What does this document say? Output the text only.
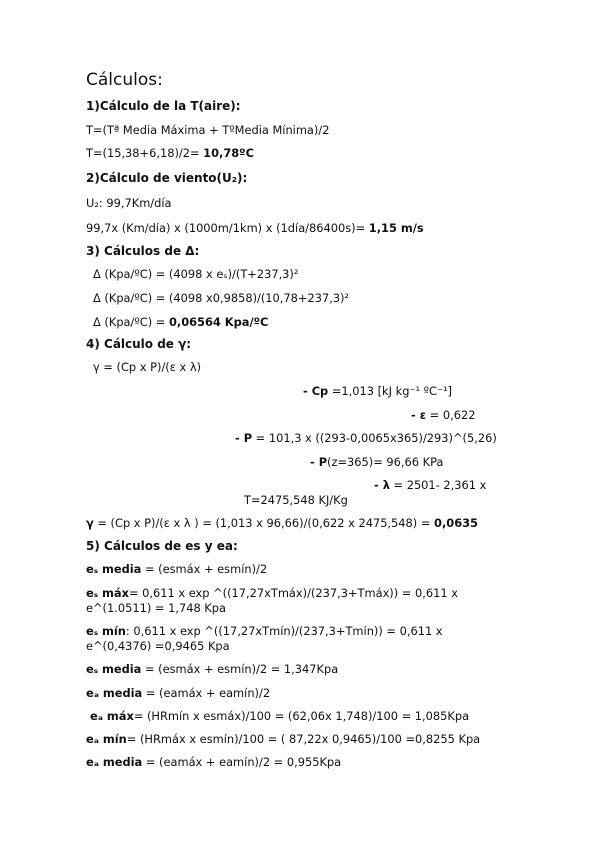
Cálculos:
1)Cálculo de la T(aire):
T=(Tª Media Máxima + TºMedia Mínima)/2
T=(15,38+6,18)/2= 10,78ºC
2)Cálculo de viento(U₂):
U₂: 99,7Km/día
99,7x (Km/día) x (1000m/1km) x (1día/86400s)= 1,15 m/s
3) Cálculos de Δ:
Δ (Kpa/ºC) = (4098 x eₛ)/(T+237,3)²
Δ (Kpa/ºC) = (4098 x0,9858)/(10,78+237,3)²
Δ (Kpa/ºC) = 0,06564 Kpa/ºC
4) Cálculo de γ:
γ = (Cp x P)/(ε x λ)
- Cp =1,013 [kJ kg⁻¹ ºC⁻¹]
- ε = 0,622
- P = 101,3 x ((293-0,0065x365)/293)^(5,26)
- P(z=365)= 96,66 KPa
- λ = 2501- 2,361 x
T=2475,548 KJ/Kg
γ = (Cp x P)/(ε x λ ) = (1,013 x 96,66)/(0,622 x 2475,548) = 0,0635
5) Cálculos de es y ea:
eₛ media = (esmáx + esmín)/2
eₛ máx= 0,611 x exp ^((17,27xTmáx)/(237,3+Tmáx)) = 0,611 x
e^(1.0511) = 1,748 Kpa
eₛ mín: 0,611 x exp ^((17,27xTmín)/(237,3+Tmín)) = 0,611 x
e^(0,4376) =0,9465 Kpa
eₛ media = (esmáx + esmín)/2 = 1,347Kpa
eₐ media = (eamáx + eamín)/2
eₐ máx= (HRmín x esmáx)/100 = (62,06x 1,748)/100 = 1,085Kpa
eₐ mín= (HRmáx x esmín)/100 = ( 87,22x 0,9465)/100 =0,8255 Kpa
eₐ media = (eamáx + eamín)/2 = 0,955Kpa
